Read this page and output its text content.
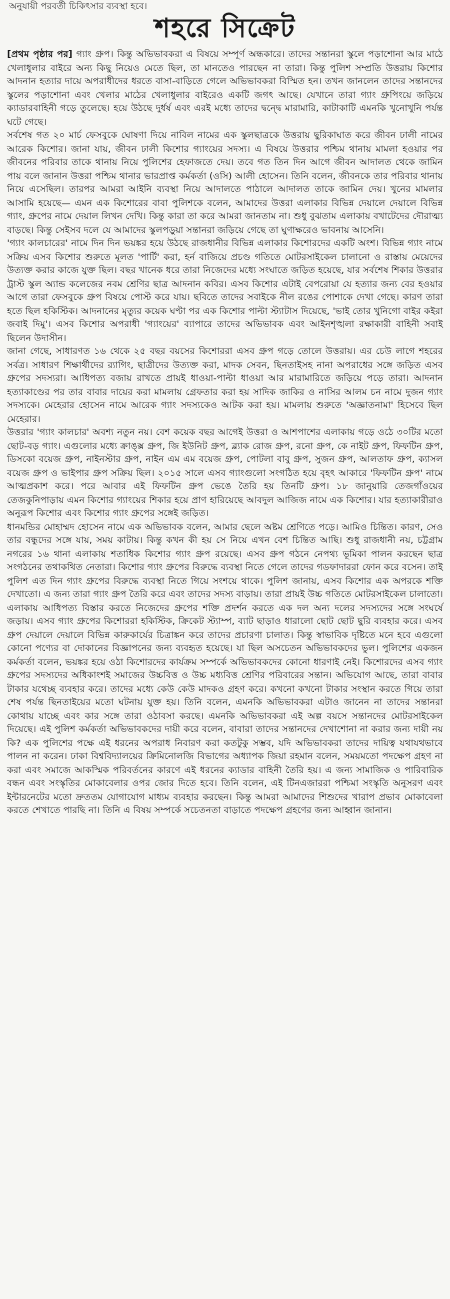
অনুযায়ী পরবর্তী চিকিৎসার ব্যবস্থা হবে।
শহরে সিক্রেট

[প্রথম পৃষ্ঠার পর] গ্যাং গ্রুপ। কিন্তু অভিভাবকরা এ বিষয়ে সম্পূর্ণ অন্ধকারে। তাদের সন্তানরা স্কুলে পড়াশোনা আর মাঠে খেলাধুলার বাইরে অন্য কিছু নিয়েও মেতে ছিল, তা মানতেও পারছেন না তারা। কিন্তু পুলিশ সম্প্রতি উত্তরায় কিশোর আদনান হত্যার দায়ে অপরাধীদের ধরতে বাসা-বাড়িতে গেলে অভিভাবকরা বিস্মিত হন। তখন জানলেন তাদের সন্তানদের স্কুলের পড়াশোনা এবং খেলার মাঠের খেলাধুলার বাইরেও একটি জগৎ আছে। যেখানে তারা গ্যাং গ্রুপিংয়ে জড়িয়ে ক্যাডারবাহিনী গড়ে তুলেছে। হয়ে উঠছে দুর্ধর্ষ এবং এরই মধ্যে তাদের দ্বন্দ্বে মারামারি, কাটাকাটি এমনকি খুনোখুনি পর্যন্ত ঘটে গেছে।

সর্বশেষ গত ২০ মার্চ ফেসবুকে ঘোষণা দিয়ে নাবিল নামের এক স্কুলছাত্রকে উত্তরায় ছুরিকাঘাত করে জীবন ঢালী নামের আরেক কিশোর। জানা যায়, জীবন ঢালী কিশোর গ্যাংয়ের সদস্য। এ বিষয়ে উত্তরার পশ্চিম থানায় মামলা হওয়ার পর জীবনের পরিবার তাকে থানায় নিয়ে পুলিশের হেফাজতে দেয়। তবে গত তিন দিন আগে জীবন আদালত থেকে জামিন পায় বলে জানান উত্তরা পশ্চিম থানার ভারপ্রাপ্ত কর্মকর্তা (ওসি) আলী হোসেন। তিনি বলেন, জীবনকে তার পরিবার থানায় নিয়ে এসেছিল। তারপর আমরা আইনি ব্যবস্থা নিয়ে আদালতে পাঠালে আদালত তাকে জামিন দেয়। খুনের মামলার আসামি হয়েছে— এমন এক কিশোরের বাবা পুলিশকে বলেন, আমাদের উত্তরা এলাকার বিভিন্ন দেয়ালে দেয়ালে বিভিন্ন গ্যাং, গ্রুপের নামে দেয়াল লিখন দেখি। কিন্তু কারা তা করে আমরা জানতাম না। শুধু বুঝতাম এলাকায় বখাটেদের দৌরাত্ম্য বাড়ছে। কিন্তু সেইসব দলে যে আমাদের স্কুলপড়ুয়া সন্তানরা জড়িয়ে গেছে তা ঘুণাক্ষরেও ভাবনায় আসেনি।

'গ্যাং কালচারের' নামে দিন দিন ভয়ঙ্কর হয়ে উঠছে রাজধানীর বিভিন্ন এলাকার কিশোরদের একটি অংশ। বিভিন্ন গ্যাং নামে সক্রিয় এসব কিশোর শুরুতে মূলত 'পার্টি' করা, হর্ন বাজিয়ে প্রচণ্ড গতিতে মোটরসাইকেল চালানো ও রাস্তায় মেয়েদের উত্যক্ত করার কাজে যুক্ত ছিল। বছর খানেক ধরে তারা নিজেদের মধ্যে সংঘাতে জড়িত হয়েছে, যার সর্বশেষ শিকার উত্তরার ট্রাস্ট স্কুল অ্যান্ড কলেজের নবম শ্রেণির ছাত্র আদনান কবির। এসব কিশোর এটাই বেপরোয়া যে হত্যার জন্য বের হওয়ার আগে তারা ফেসবুকে গ্রুপ বিষয়ে পোস্ট করে যায়। ছবিতে তাদের সবাইকে নীল রঙের পোশাকে দেখা গেছে। কারণ তারা হতে ছিল হকিস্টিক। আদনানের মৃত্যুর কয়েক ঘণ্টা পর এক কিশোর পাল্টা স্ট্যাটাস দিয়েছে, 'ভাই তোর খুনিগো বাইর কইরা জবাই দিমু'। এসব কিশোর অপরাধী 'গ্যাংয়ের' ব্যাপারে তাদের অভিভাবক এবং আইনশৃঙ্খলা রক্ষাকারী বাহিনী সবাই ছিলেন উদাসীন।

জানা গেছে, সাধারণত ১৬ থেকে ২৫ বছর বয়সের কিশোররা এসব গ্রুপ গড়ে তোলে উত্তরায়। এর চেউ লাগে শহরের সর্বত্র। সাধারণ শিক্ষার্থীদের র‍্যাগিং, ছাত্রীদের উত্যক্ত করা, মাদক সেবন, ছিনতাইসহ নানা অপরাধের সঙ্গে জড়িত এসব গ্রুপের সদস্যরা। আধিপত্য বজায় রাখতে প্রায়ই ধাওয়া-পাল্টা ধাওয়া আর মারামারিতে জড়িয়ে পড়ে তারা। আদনান হত্যাকাণ্ডের পর তার বাবার দায়ের করা মামলায় গ্রেফতার করা হয় সাদিক জাকির ও নাসির আলম চন নামে দুজন গ্যাং সদস্যকে। মেহেরার হোসেন নামে আরেক গ্যাং সদস্যকেও আটক করা হয়। মামলায় শুরুতে 'অজ্ঞাতনামা' হিসেবে ছিল মেহেরার।

উত্তরার 'গ্যাং কালচার' অবশ্য নতুন নয়। বেশ কয়েক বছর আগেই উত্তরা ও আশপাশের এলাকায় গড়ে ওঠে ৩০টির মতো ছোট-বড় গ্যাং। এগুলোর মধ্যে ক্রাঙ্ক্স গ্রুপ, জি ইউনিট গ্রুপ, ব্ল্যাক রোজ গ্রুপ, রনো গ্রুপ, কে নাইট গ্রুপ, ফিফটিন গ্রুপ, ডিসকো বয়েজ গ্রুপ, নাইনস্টার গ্রুপ, নাইন এম এম বয়েজ গ্রুপ, পোটলা বাবু গ্রুপ, সুজন গ্রুপ, আলতাফ গ্রুপ, ক্যাসল বয়েজ গ্রুপ ও ভাইপার গ্রুপ সক্রিয় ছিল। ২০১৫ সালে এসব গ্যাংগুলো সংগঠিত হয়ে বৃহৎ আকারে 'ফিফটিন গ্রুপ' নামে আত্মপ্রকাশ করে। পরে আবার এই ফিফটিন গ্রুপ ভেঙে তৈরি হয় তিনটি গ্রুপ। ১৮ জানুয়ারি তেজগাঁওয়ের তেজকুনিপাড়ায় এমন কিশোর গ্যাংয়ের শিকার হয়ে প্রাণ হারিয়েছে আবদুল আজিজ নামে এক কিশোর। যার হত্যাকারীরাও অনুরূপ কিশোর এবং কিশোর গ্যাং গ্রুপের সঙ্গেই জড়িত।

ধানমন্ডির মোহাম্মদ হোসেন নামে এক অভিভাবক বলেন, আমার ছেলে অষ্টম শ্রেণিতে পড়ে। আমিও চিন্তিত। কারণ, সেও তার বন্ধুদের সঙ্গে যায়, সময় কাটায়। কিন্তু কখন কী হয় সে নিয়ে এখন বেশ চিন্তিত আছি। শুধু রাজধানী নয়, চট্টগ্রাম নগরের ১৬ থানা এলাকায় শতাধিক কিশোর গ্যাং গ্রুপ রয়েছে। এসব গ্রুপ গঠনে নেপথ্য ভূমিকা পালন করছেন ছাত্র সংগঠনের তথাকথিত নেতারা। কিশোর গ্যাং গ্রুপের বিরুদ্ধে ব্যবস্থা নিতে গেলে তাদের গডফাদাররা ফোন করে বসেন। তাই পুলিশ এত দিন গ্যাং গ্রুপের বিরুদ্ধে ব্যবস্থা নিতে গিয়ে সংশয়ে থাকে। পুলিশ জানায়, এসব কিশোর এক অপরকে শক্তি দেখাতো। এ জন্য তারা গ্যাং গ্রুপ তৈরি করে এবং তাদের সদস্য বাড়ায়। তারা প্রায়ই উচ্চ গতিতে মোটরসাইকেল চালাতো। এলাকায় আধিপত্য বিস্তার করতে নিজেদের গ্রুপের শক্তি প্রদর্শন করতে এক দল অন্য দলের সদস্যদের সঙ্গে সংঘর্ষে জড়ায়। এসব গ্যাং গ্রুপের কিশোররা হকিস্টিক, ক্রিকেট স্ট্যাম্প, ব্যাট ছাড়াও ধারালো ছোট ছোট ছুরি ব্যবহার করে। এসব গ্রুপ দেয়ালে দেয়ালে বিভিন্ন কারুকার্যের চিত্রাঙ্কন করে তাদের প্রচারণা চালাত। কিন্তু স্বাভাবিক দৃষ্টিতে মনে হবে এগুলো কোনো পণ্যের বা দোকানের বিজ্ঞাপনের জন্য ব্যবহৃত হয়েছে। যা ছিল অসচেতন অভিভাবকদের ভুল। পুলিশের একজন কর্মকর্তা বলেন, ভয়ঙ্কর হয়ে ওঠা কিশোরদের কার্যক্রম সম্পর্কে অভিভাবকদের কোনো ধারণাই নেই। কিশোরদের এসব গ্যাং গ্রুপের সদস্যদের অধিকাংশই সমাজের উচ্চবিত্ত ও উচ্চ মধ্যবিত্ত শ্রেণির পরিবারের সন্তান। অভিযোগ আছে, তারা বাবার টাকার যথেচ্ছ ব্যবহার করে। তাদের মধ্যে কেউ কেউ মাদকও গ্রহণ করে। কখনো কখনো টাকার সংস্থান করতে গিয়ে তারা শেষ পর্যন্ত ছিনতাইয়ের মতো ঘটনায় যুক্ত হয়। তিনি বলেন, এমনকি অভিভাবকরা এটাও জানেন না তাদের সন্তানরা কোথায় যাচ্ছে এবং কার সঙ্গে তারা ওঠাবসা করছে। এমনকি অভিভাবকরা এই অল্প বয়সে সন্তানদের মোটরসাইকেল দিয়েছে। এই পুলিশ কর্মকর্তা অভিভাবকদের দায়ী করে বলেন, বাবারা তাদের সন্তানদের দেখাশোনা না করার জন্য দায়ী নয় কি? এক পুলিশের পক্ষে এই ধরনের অপরাধ নিবারণ করা কতটুকু সম্ভব, যদি অভিভাবকরা তাদের দায়িত্ব যথাযথভাবে পালন না করেন। ঢাকা বিশ্ববিদ্যালয়ের ক্রিমিনোলজি বিভাগের অধ্যাপক জিয়া রহমান বলেন, সময়মতো পদক্ষেপ গ্রহণ না করা এবং সমাজে আকস্মিক পরিবর্তনের কারণে এই ধরনের ক্যাডার বাহিনী তৈরি হয়। এ জন্য সামাজিক ও পারিবারিক বন্ধন এবং সংস্কৃতির মোকাবেলার ওপর জোর দিতে হবে। তিনি বলেন, এই টিনএজাররা পশ্চিমা সংস্কৃতি অনুসরণ এবং ইন্টারনেটের মতো দ্রুততম যোগাযোগ মাধ্যম ব্যবহার করছেন। কিন্তু আমরা আমাদের শিশুদের খারাপ প্রভাব মোকাবেলা করতে শেখাতে পারছি না। তিনি এ বিষয় সম্পর্কে সচেতনতা বাড়াতে পদক্ষেপ গ্রহণের জন্য আহ্বান জানান।
